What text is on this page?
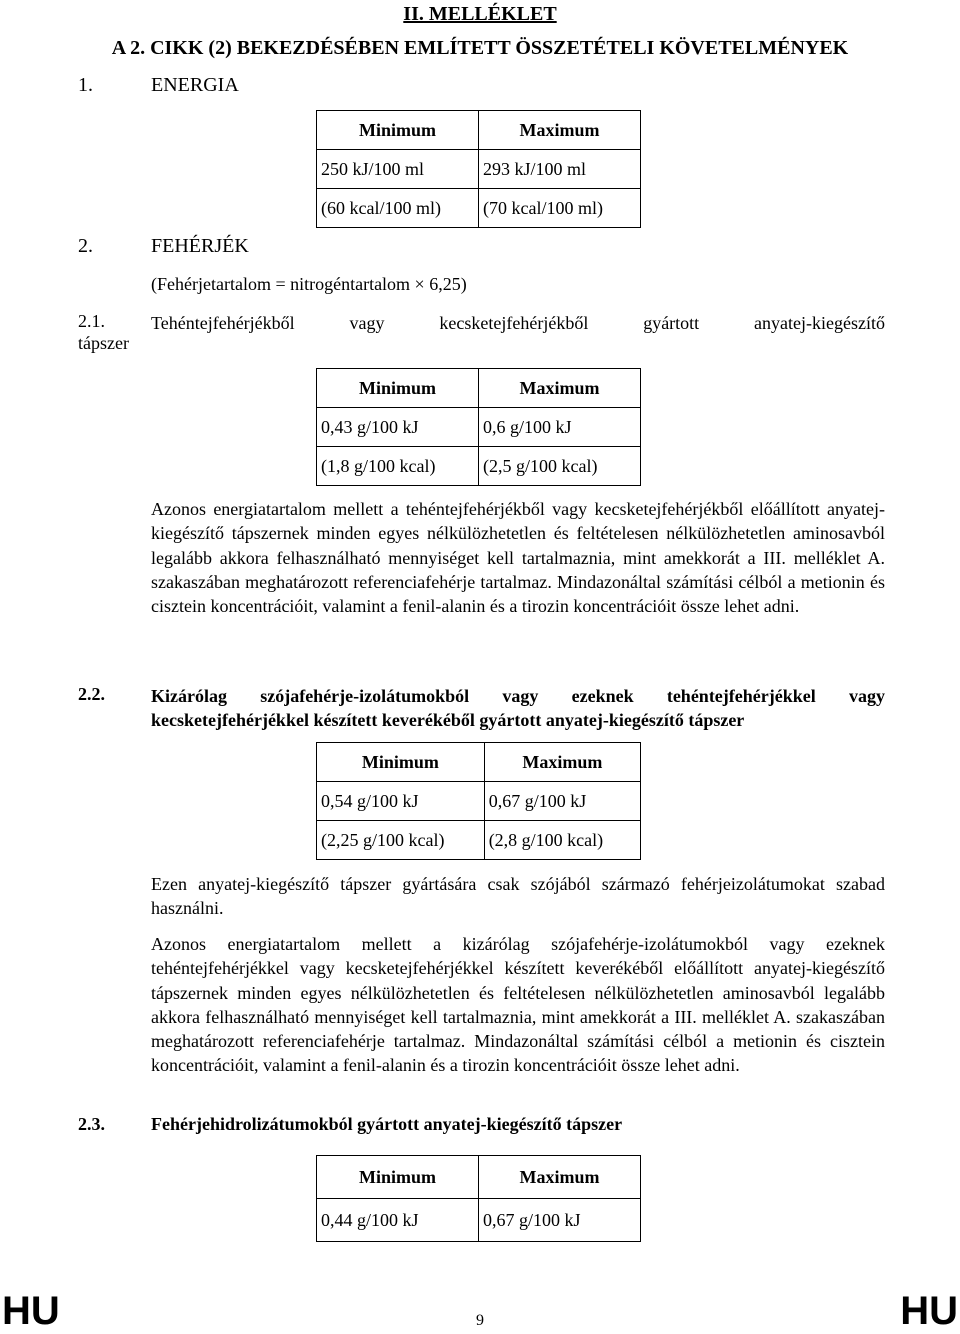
II. MELLÉKLET
A 2. CIKK (2) BEKEZDÉSÉBEN EMLÍTETT ÖSSZETÉTELI KÖVETELMÉNYEK
1.	ENERGIA
Minimum	Maximum
250 kJ/100 ml	293 kJ/100 ml
(60 kcal/100 ml)	(70 kcal/100 ml)
2.	FEHÉRJÉK
(Fehérjetartalom = nitrogéntartalom × 6,25)
2.1.	Tehéntejfehérjékből vagy kecsketejfehérjékből gyártott anyatej-kiegészítő
tápszer
Minimum	Maximum
0,43 g/100 kJ	0,6 g/100 kJ
(1,8 g/100 kcal)	(2,5 g/100 kcal)
Azonos energiatartalom mellett a tehéntejfehérjékből vagy kecsketejfehérjékből előállított anyatej-kiegészítő tápszernek minden egyes nélkülözhetetlen és feltételesen nélkülözhetetlen aminosavból legalább akkora felhasználható mennyiséget kell tartalmaznia, mint amekkorát a III. melléklet A. szakaszában meghatározott referenciafehérje tartalmaz. Mindazonáltal számítási célból a metionin és cisztein koncentrációit, valamint a fenil-alanin és a tirozin koncentrációit össze lehet adni.
2.2.	Kizárólag szójafehérje-izolátumokból vagy ezeknek tehéntejfehérjékkel vagy kecsketejfehérjékkel készített keverékéből gyártott anyatej-kiegészítő tápszer
Minimum	Maximum
0,54 g/100 kJ	0,67 g/100 kJ
(2,25 g/100 kcal)	(2,8 g/100 kcal)
Ezen anyatej-kiegészítő tápszer gyártására csak szójából származó fehérjeizolátumokat szabad használni.
Azonos energiatartalom mellett a kizárólag szójafehérje-izolátumokból vagy ezeknek tehéntejfehérjékkel vagy kecsketejfehérjékkel készített keverékéből előállított anyatej-kiegészítő tápszernek minden egyes nélkülözhetetlen és feltételesen nélkülözhetetlen aminosavból legalább akkora felhasználható mennyiséget kell tartalmaznia, mint amekkorát a III. melléklet A. szakaszában meghatározott referenciafehérje tartalmaz. Mindazonáltal számítási célból a metionin és cisztein koncentrációit, valamint a fenil-alanin és a tirozin koncentrációit össze lehet adni.
2.3.	Fehérjehidrolizátumokból gyártott anyatej-kiegészítő tápszer
Minimum	Maximum
0,44 g/100 kJ	0,67 g/100 kJ
HU	9	HU
